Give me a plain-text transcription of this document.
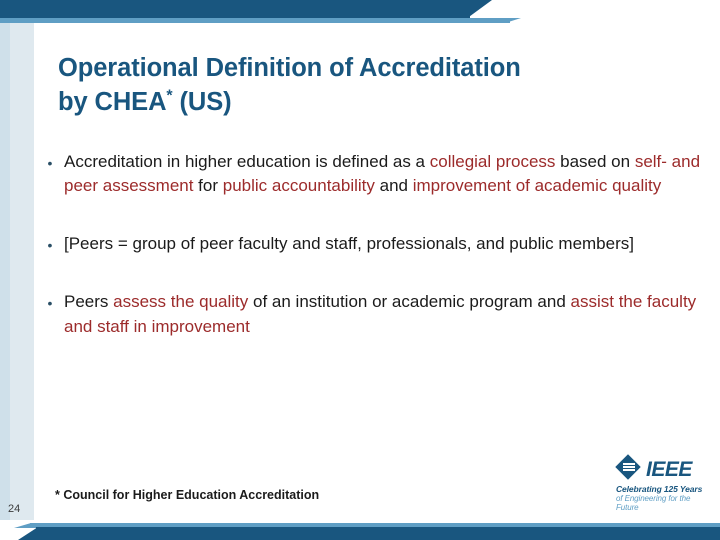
Operational Definition of Accreditation
by CHEA* (US)
• Accreditation in higher education is defined as a collegial process based on self- and peer assessment for public accountability and improvement of academic quality
• [Peers = group of peer faculty and staff, professionals, and public members]
• Peers assess the quality of an institution or academic program and assist the faculty and staff in improvement
* Council for Higher Education Accreditation
24
IEEE
Celebrating 125 Years
of Engineering for the Future
